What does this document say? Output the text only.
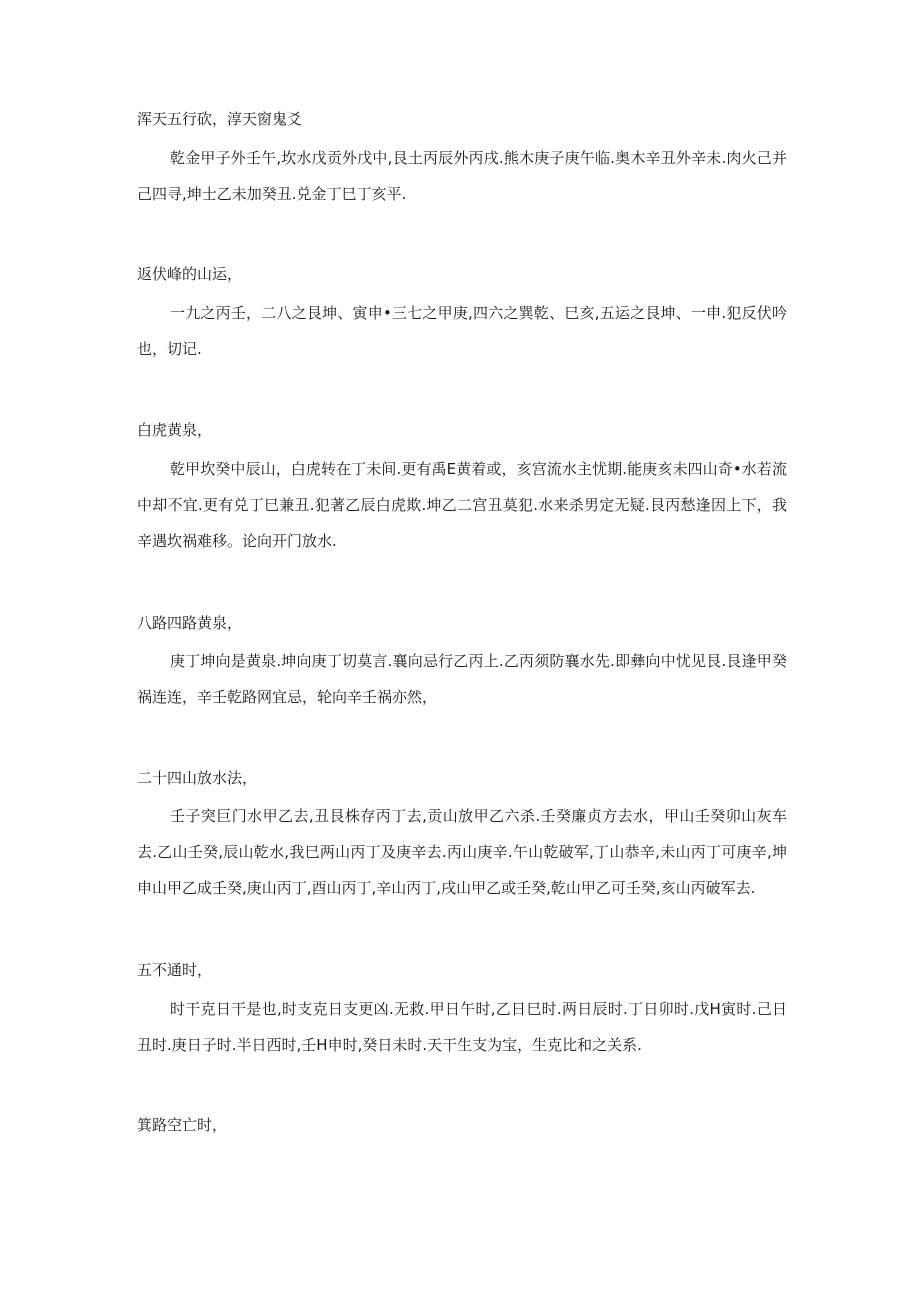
浑天五行砍，淳天窗鬼爻
乾金甲子外壬午,坎水戊贡外戊中,艮土丙辰外丙戌.熊木庚子庚午临.奥木辛丑外辛未.肉火己并己四寻,坤士乙未加癸丑.兑金丁巳丁亥平.
返伏峰的山运，
一九之丙壬，二八之艮坤、寅申•三七之甲庚,四六之巽乾、巳亥,五运之艮坤、一申.犯反伏吟也，切记.
白虎黄泉，
乾甲坎癸中辰山，白虎转在丁未间.更有禹E黄着或，亥宫流水主忧期.能庚亥未四山奇•水若流中却不宜.更有兑丁巳兼丑.犯著乙辰白虎欺.坤乙二宫丑莫犯.水来杀男定无疑.艮丙愁逢因上下，我辛遇坎祸难移。论向开门放水.
八路四路黄泉，
庚丁坤向是黄泉.坤向庚丁切莫言.襄向忌行乙丙上.乙丙须防襄水先.即彝向中忧见艮.艮逢甲癸祸连连，辛壬乾路网宜忌，轮向辛壬祸亦然，
二十四山放水法，
壬子突巨门水甲乙去,丑艮株存丙丁去,贡山放甲乙六杀.壬癸廉贞方去水，甲山壬癸卯山灰车去.乙山壬癸,辰山乾水,我巳两山丙丁及庚辛去.丙山庚辛.午山乾破军,丁山恭辛,未山丙丁可庚辛,坤申山甲乙成壬癸,庚山丙丁,酉山丙丁,辛山丙丁,戌山甲乙或壬癸,乾山甲乙可壬癸,亥山丙破军去.
五不通时，
时干克日干是也,时支克日支更凶.无救.甲日午时,乙日巳时.两日辰时.丁日卯时.戊H寅时.己日丑时.庚日子时.半日西时,壬H申时,癸日未时.天干生支为宝，生克比和之关系.
箕路空亡时，
